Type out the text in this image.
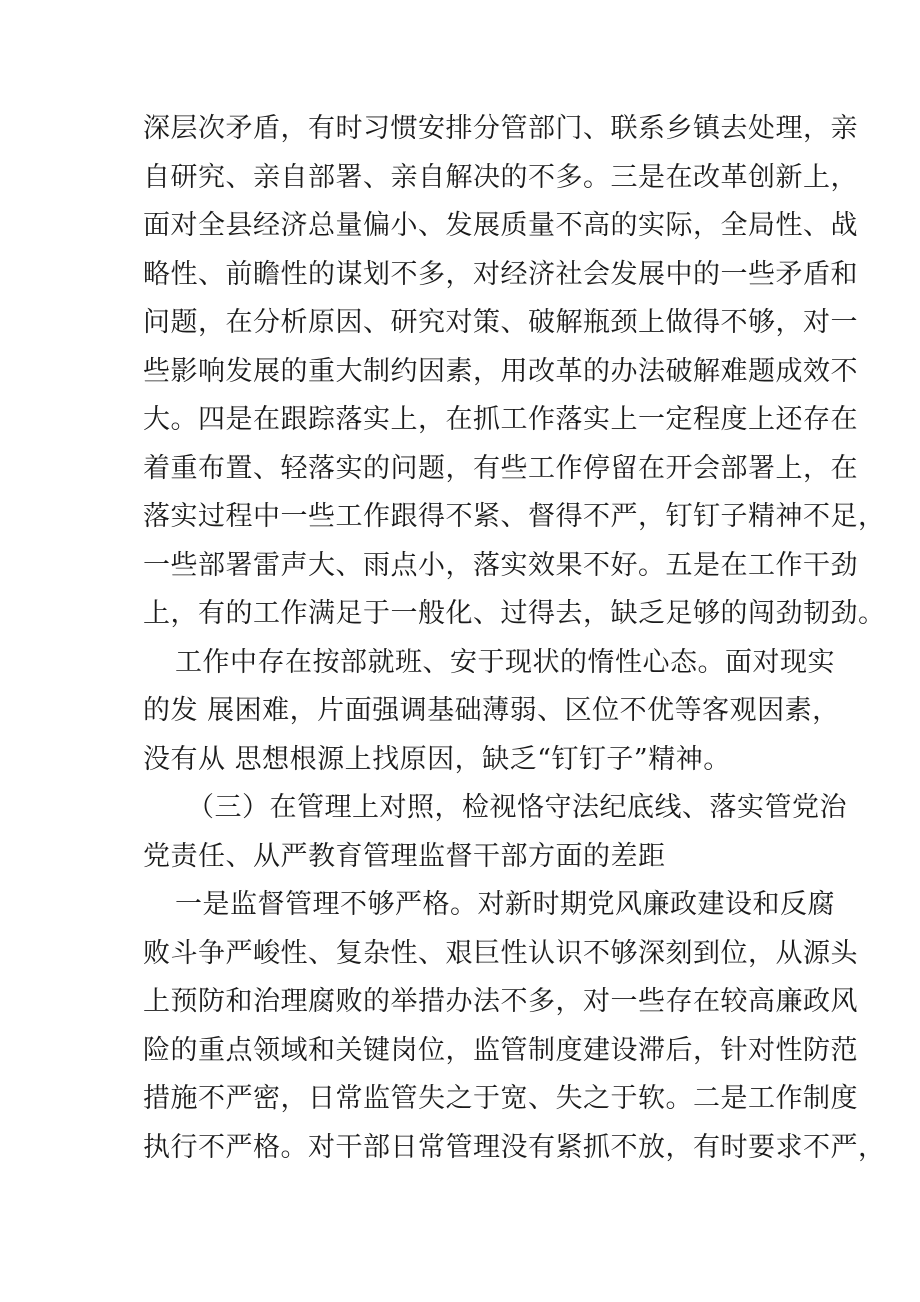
深层次矛盾，有时习惯安排分管部门、联系乡镇去处理，亲
自研究、亲自部署、亲自解决的不多。三是在改革创新上，
面对全县经济总量偏小、发展质量不高的实际，全局性、战
略性、前瞻性的谋划不多，对经济社会发展中的一些矛盾和
问题，在分析原因、研究对策、破解瓶颈上做得不够，对一
些影响发展的重大制约因素，用改革的办法破解难题成效不
大。四是在跟踪落实上，在抓工作落实上一定程度上还存在
着重布置、轻落实的问题，有些工作停留在开会部署上，在
落实过程中一些工作跟得不紧、督得不严，钉钉子精神不足，
一些部署雷声大、雨点小，落实效果不好。五是在工作干劲
上，有的工作满足于一般化、过得去，缺乏足够的闯劲韧劲。
工作中存在按部就班、安于现状的惰性心态。面对现实
的发 展困难，片面强调基础薄弱、区位不优等客观因素，
没有从 思想根源上找原因，缺乏“钉钉子”精神。
（三）在管理上对照，检视恪守法纪底线、落实管党治
党责任、从严教育管理监督干部方面的差距
一是监督管理不够严格。对新时期党风廉政建设和反腐
败斗争严峻性、复杂性、艰巨性认识不够深刻到位，从源头
上预防和治理腐败的举措办法不多，对一些存在较高廉政风
险的重点领域和关键岗位，监管制度建设滞后，针对性防范
措施不严密，日常监管失之于宽、失之于软。二是工作制度
执行不严格。对干部日常管理没有紧抓不放，有时要求不严，
